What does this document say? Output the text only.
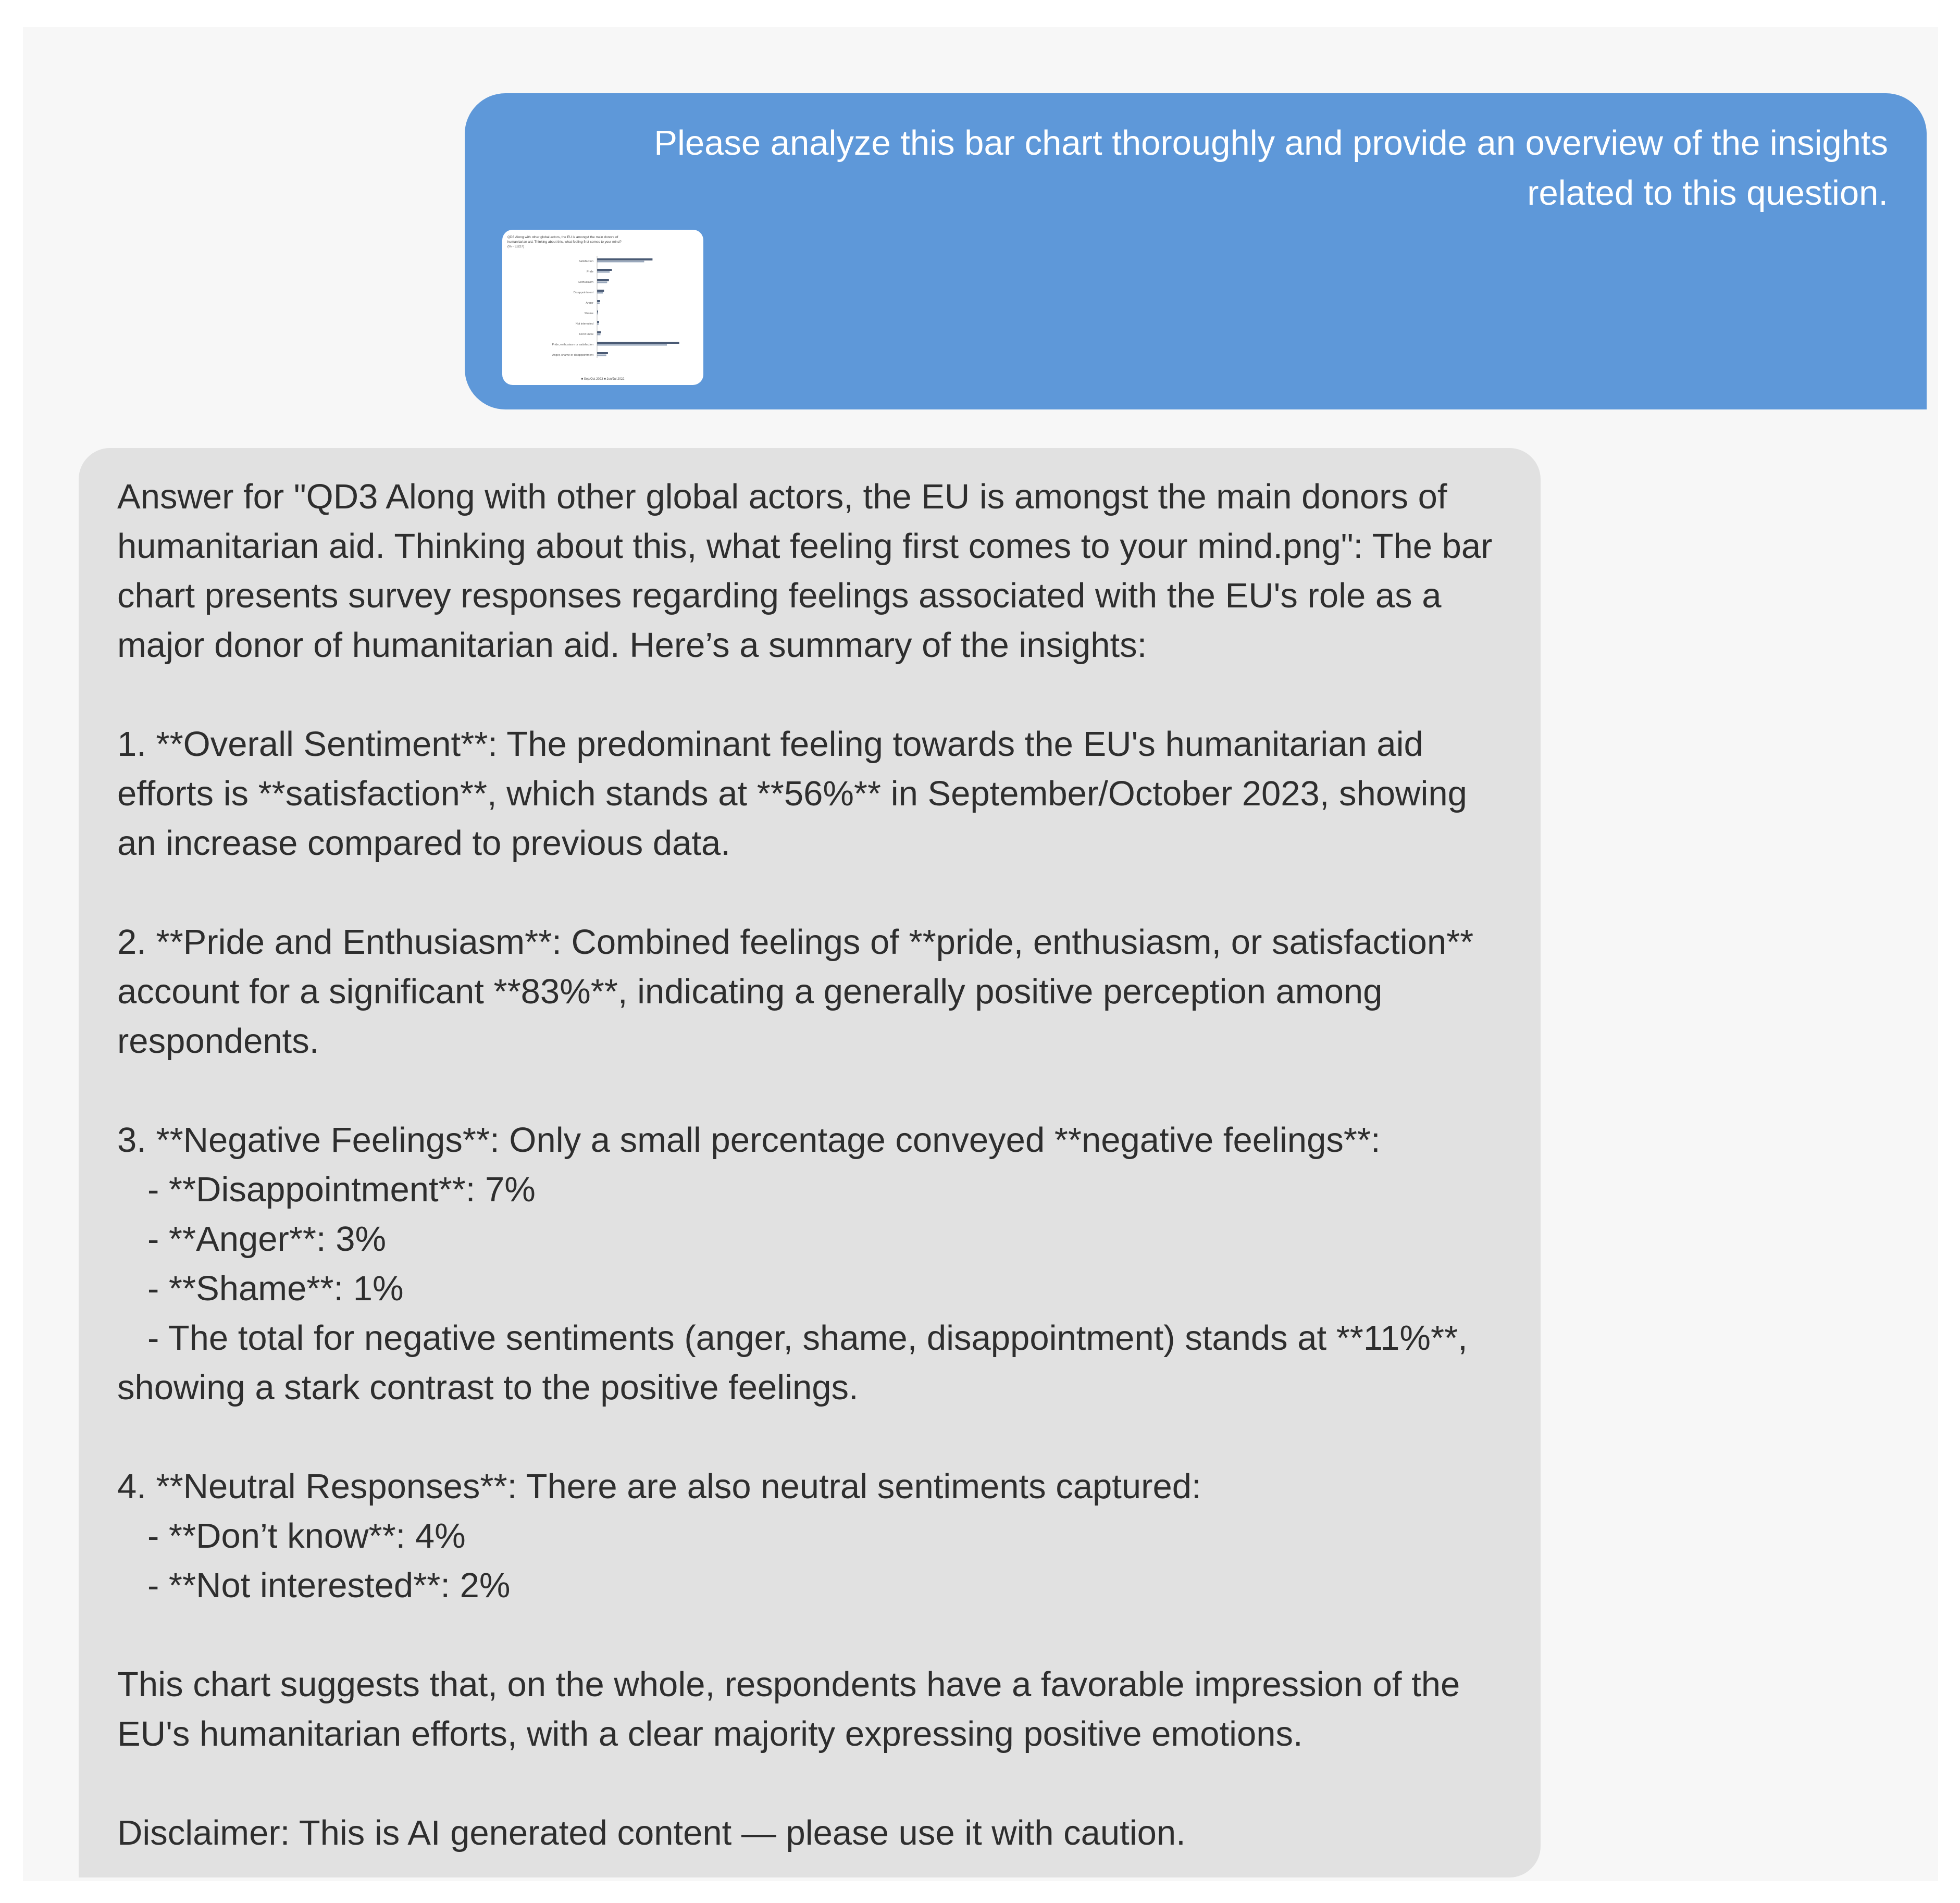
Please analyze this bar chart thoroughly and provide an overview of the insights related to this question.
QD3 Along with other global actors, the EU is amongst the main donors of
humanitarian aid. Thinking about this, what feeling first comes to your mind?
(% - EU27)
Satisfaction
Pride
Enthusiasm
Disappointment
Anger
Shame
Not interested
Don't know
Pride, enthusiasm or satisfaction
Anger, shame or disappointment
■ Sep/Oct 2023 ■ Jun/Jul 2022

Answer for "QD3 Along with other global actors, the EU is amongst the main donors of humanitarian aid. Thinking about this, what feeling first comes to your mind.png": The bar chart presents survey responses regarding feelings associated with the EU's role as a major donor of humanitarian aid. Here’s a summary of the insights:

1. **Overall Sentiment**: The predominant feeling towards the EU's humanitarian aid efforts is **satisfaction**, which stands at **56%** in September/October 2023, showing an increase compared to previous data.

2. **Pride and Enthusiasm**: Combined feelings of **pride, enthusiasm, or satisfaction** account for a significant **83%**, indicating a generally positive perception among respondents.

3. **Negative Feelings**: Only a small percentage conveyed **negative feelings**:

- **Disappointment**: 7%

- **Anger**: 3%

- **Shame**: 1%

- The total for negative sentiments (anger, shame, disappointment) stands at **11%**,

showing a stark contrast to the positive feelings.

4. **Neutral Responses**: There are also neutral sentiments captured:

- **Don’t know**: 4%

- **Not interested**: 2%

This chart suggests that, on the whole, respondents have a favorable impression of the EU's humanitarian efforts, with a clear majority expressing positive emotions.

Disclaimer: This is AI generated content — please use it with caution.
